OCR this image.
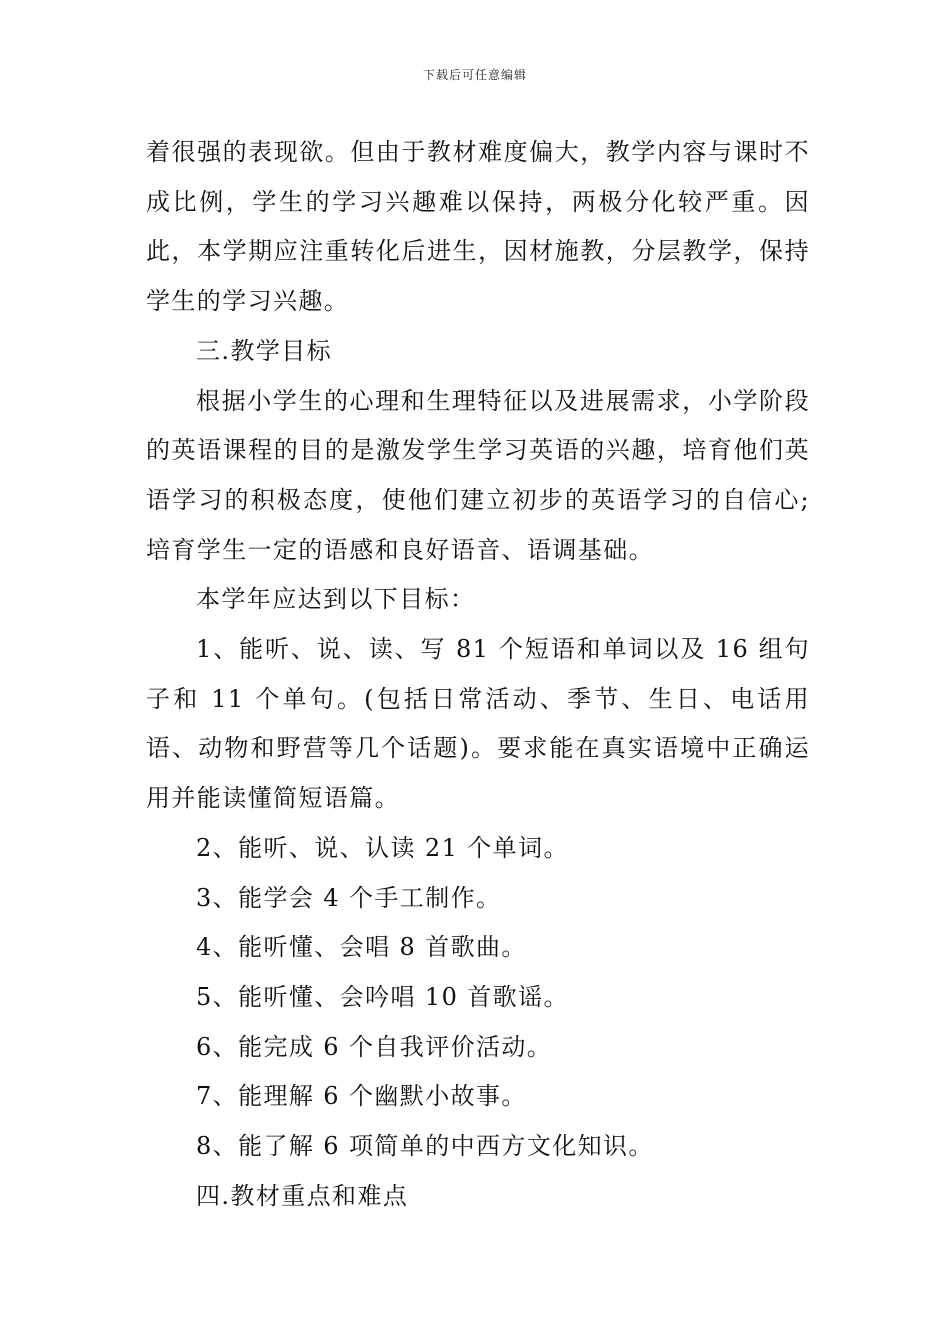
下载后可任意编辑

着很强的表现欲。但由于教材难度偏大，教学内容与课时不成比例，学生的学习兴趣难以保持，两极分化较严重。因此，本学期应注重转化后进生，因材施教，分层教学，保持学生的学习兴趣。

三.教学目标

根据小学生的心理和生理特征以及进展需求，小学阶段的英语课程的目的是激发学生学习英语的兴趣，培育他们英语学习的积极态度，使他们建立初步的英语学习的自信心;培育学生一定的语感和良好语音、语调基础。

本学年应达到以下目标：

1、能听、说、读、写 81 个短语和单词以及 16 组句子和 11 个单句。(包括日常活动、季节、生日、电话用语、动物和野营等几个话题)。要求能在真实语境中正确运用并能读懂简短语篇。

2、能听、说、认读 21 个单词。

3、能学会 4 个手工制作。

4、能听懂、会唱 8 首歌曲。

5、能听懂、会吟唱 10 首歌谣。

6、能完成 6 个自我评价活动。

7、能理解 6 个幽默小故事。

8、能了解 6 项简单的中西方文化知识。

四.教材重点和难点
